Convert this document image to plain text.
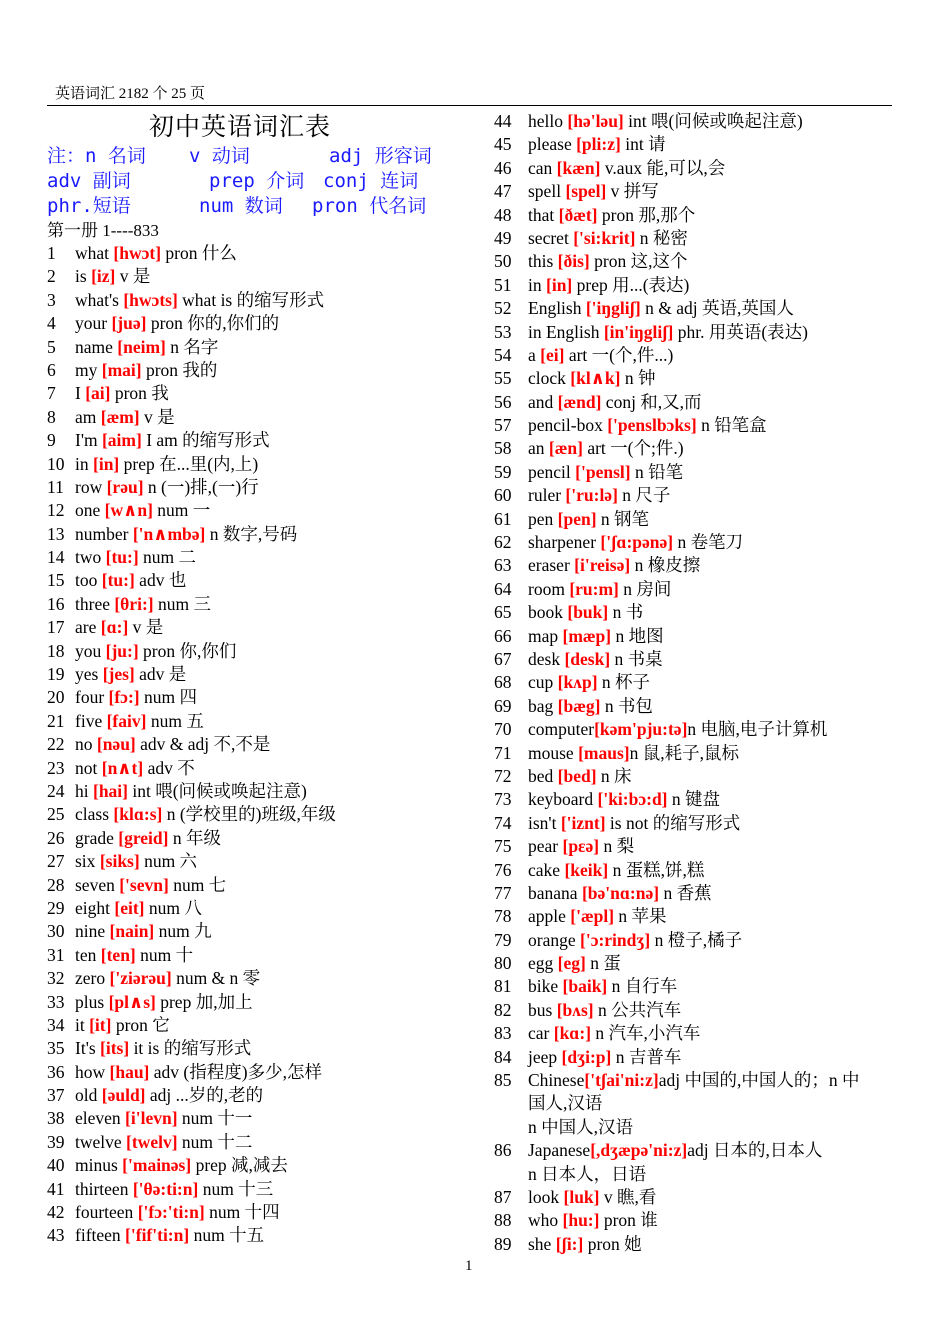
英语词汇 2182 个 25 页
初中英语词汇表
注：n 名词 v 动词	adj 形容词
adv 副词	prep 介词 conj 连词
phr.短语	num 数词 pron 代名词
第一册 1----833
1 what [hwɔt] pron 什么
2 is [iz] v 是
3 what's [hwɔts] what is 的缩写形式
4 your [juə] pron 你的,你们的
5 name [neim] n 名字
6 my [mai] pron 我的
7 I [ai] pron 我
8 am [æm] v 是
9 I'm [aim] I am 的缩写形式
10 in [in] prep 在...里(内,上)
11 row [rəu] n (一)排,(一)行
12 one [w∧n] num 一
13 number ['n∧mbə] n 数字,号码
14 two [tu:] num 二
15 too [tu:] adv 也
16 three [θri:] num 三
17 are [ɑ:] v 是
18 you [ju:] pron 你,你们
19 yes [jes] adv 是
20 four [fɔ:] num 四
21 five [faiv] num 五
22 no [nəu] adv & adj 不,不是
23 not [n∧t] adv 不
24 hi [hai] int 喂(问候或唤起注意)
25 class [klɑ:s] n (学校里的)班级,年级
26 grade [greid] n 年级
27 six [siks] num 六
28 seven ['sevn] num 七
29 eight [eit] num 八
30 nine [nain] num 九
31 ten [ten] num 十
32 zero ['ziərəu] num & n 零
33 plus [pl∧s] prep 加,加上
34 it [it] pron 它
35 It's [its] it is 的缩写形式
36 how [hau] adv (指程度)多少,怎样
37 old [əuld] adj ...岁的,老的
38 eleven [i'levn] num 十一
39 twelve [twelv] num 十二
40 minus ['mainəs] prep 减,减去
41 thirteen ['θə:ti:n] num 十三
42 fourteen ['fɔ:'ti:n] num 十四
43 fifteen ['fif'ti:n] num 十五
44 hello [hə'ləu] int 喂(问候或唤起注意)
45 please [pli:z] int 请
46 can [kæn] v.aux 能,可以,会
47 spell [spel] v 拼写
48 that [ðæt] pron 那,那个
49 secret ['si:krit] n 秘密
50 this [ðis] pron 这,这个
51 in [in] prep 用...(表达)
52 English ['iŋgliʃ] n & adj 英语,英国人
53 in English [in'iŋgliʃ] phr. 用英语(表达)
54 a [ei] art 一(个,件...)
55 clock [kl∧k] n 钟
56 and [ænd] conj 和,又,而
57 pencil-box ['penslbɔks] n 铅笔盒
58 an [æn] art 一(个;件.)
59 pencil ['pensl] n 铅笔
60 ruler ['ru:lə] n 尺子
61 pen [pen] n 钢笔
62 sharpener ['ʃɑ:pənə] n 卷笔刀
63 eraser [i'reisə] n 橡皮擦
64 room [ru:m] n 房间
65 book [buk] n 书
66 map [mæp] n 地图
67 desk [desk] n 书桌
68 cup [kʌp] n 杯子
69 bag [bæg] n 书包
70 computer[kəm'pju:tə]n 电脑,电子计算机
71 mouse [maus]n 鼠,耗子,鼠标
72 bed [bed] n 床
73 keyboard ['ki:bɔ:d] n 键盘
74 isn't ['iznt] is not 的缩写形式
75 pear [pεə] n 梨
76 cake [keik] n 蛋糕,饼,糕
77 banana [bə'nɑ:nə] n 香蕉
78 apple ['æpl] n 苹果
79 orange ['ɔ:rindʒ] n 橙子,橘子
80 egg [eg] n 蛋
81 bike [baik] n 自行车
82 bus [bʌs] n 公共汽车
83 car [kɑ:] n 汽车,小汽车
84 jeep [dʒi:p] n 吉普车
85 Chinese['tʃai'ni:z]adj 中国的,中国人的；n 中
国人,汉语
n 中国人,汉语
86 Japanese[,dʒæpə'ni:z]adj 日本的,日本人
n 日本人，日语
87 look [luk] v 瞧,看
88 who [hu:] pron 谁
89 she [ʃi:] pron 她
1
